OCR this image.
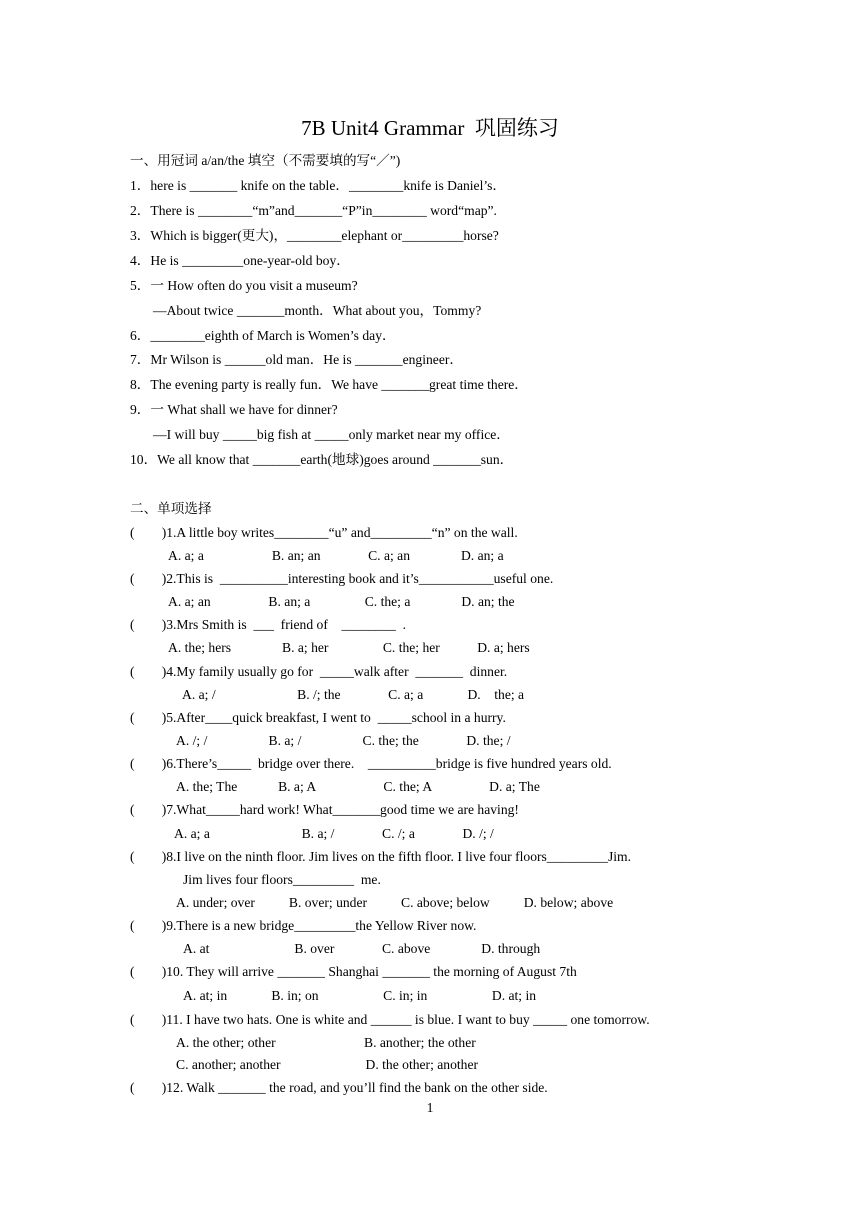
7B Unit4 Grammar  巩固练习
一、用冠词 a/an/the 填空（不需要填的写“／”)
1．here is _______ knife on the table．________knife is Daniel’s．
2．There is ________“m”and_______“P”in________ word“map”.
3．Which is bigger(更大)，________elephant or_________horse?
4．He is _________one-year-old boy．
5．一 How often do you visit a museum?
—About twice _______month．What about you，Tommy?
6．________eighth of March is Women’s day．
7．Mr Wilson is ______old man．He is _______engineer．
8．The evening party is really fun．We have _______great time there．
9．一 What shall we have for dinner?
—I will buy _____big fish at _____only market near my office．
10．We all know that _______earth(地球)goes around _______sun．
二、单项选择
(        )1.A little boy writes________“u” and_________“n” on the wall.
A. a; a                    B. an; an              C. a; an               D. an; a
(        )2.This is  __________interesting book and it’s___________useful one.
A. a; an                 B. an; a                C. the; a               D. an; the
(        )3.Mrs Smith is  ___  friend of    ________  .
A. the; hers               B. a; her                C. the; her           D. a; hers
(        )4.My family usually go for  _____walk after  _______  dinner.
A. a; /                        B. /; the              C. a; a             D.    the; a
(        )5.After____quick breakfast, I went to  _____school in a hurry.
A. /; /                  B. a; /                  C. the; the              D. the; /
(        )6.There’s_____  bridge over there.    __________bridge is five hundred years old.
A. the; The            B. a; A                    C. the; A                 D. a; The
(        )7.What_____hard work! What_______good time we are having!
A. a; a                           B. a; /              C. /; a              D. /; /
(        )8.I live on the ninth floor. Jim lives on the fifth floor. I live four floors_________Jim.
Jim lives four floors_________  me.
A. under; over          B. over; under          C. above; below          D. below; above
(        )9.There is a new bridge_________the Yellow River now.
A. at                         B. over              C. above               D. through
(        )10. They will arrive _______ Shanghai _______ the morning of August 7th
A. at; in             B. in; on                   C. in; in                   D. at; in
(        )11. I have two hats. One is white and ______ is blue. I want to buy _____ one tomorrow.
A. the other; other                          B. another; the other
C. another; another                         D. the other; another
(        )12. Walk _______ the road, and you’ll find the bank on the other side.
1
